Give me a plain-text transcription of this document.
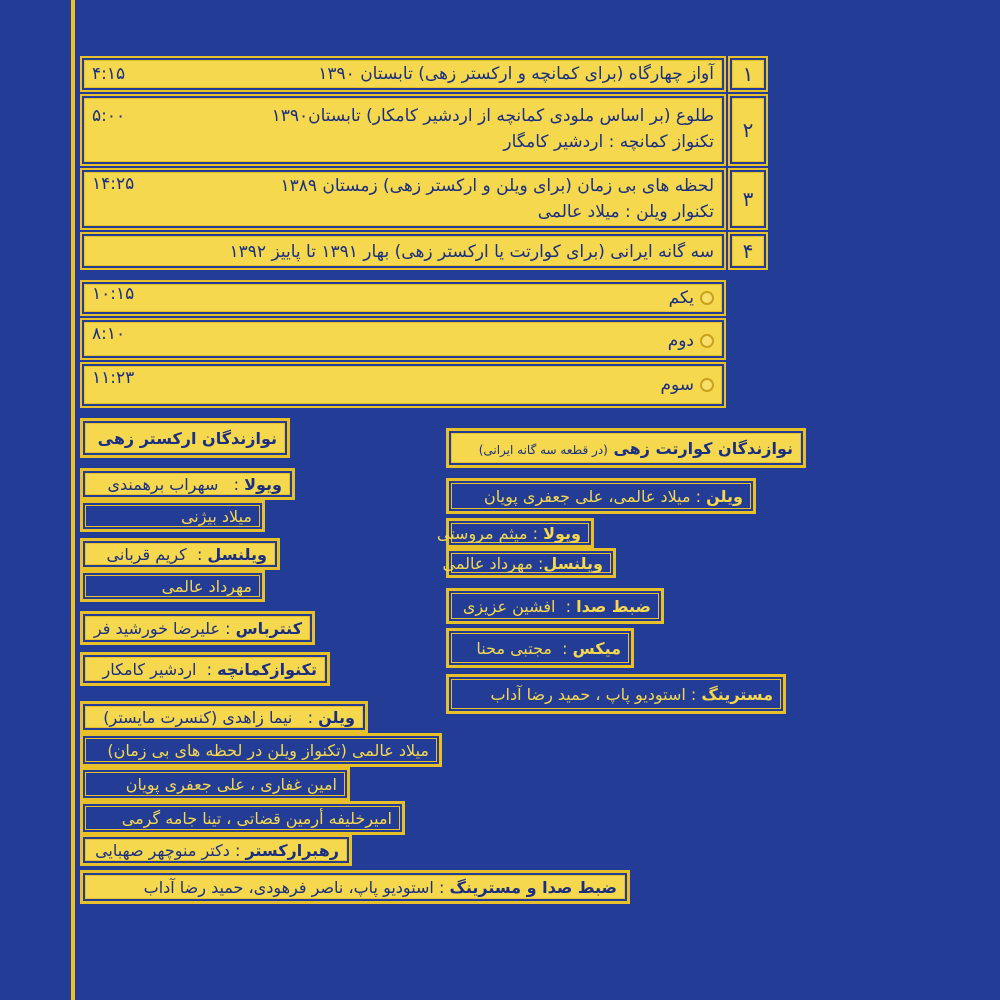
آواز چهارگاه (برای کمانچه و ارکستر زهی) تابستان ۱۳۹۰
۴:۱۵	۱
طلوع (بر اساس ملودی کمانچه از اردشیر کامکار) تابستان۱۳۹۰
تکنواز کمانچه : اردشیر کامگار
۵:۰۰
۲
لحظه های بی زمان (برای ویلن و ارکستر زهی) زمستان ۱۳۸۹
تکنوار ویلن : میلاد عالمی
۱۴:۲۵
۳
سه گانه ایرانی (برای کوارتت یا ارکستر زهی) بهار ۱۳۹۱ تا پاییز ۱۳۹۲	۴
یکم
۱۰:۱۵
دوم
۸:۱۰
سوم
۱۱:۲۳
نوازندگان ارکستر زهی
ویولا :   سهراب برهمندی
میلاد بیژنی
ویلنسل :  کریم قربانی
مهرداد عالمی
کنترباس : علیرضا خورشید فر
تکنوازکمانچه :  اردشیر کامکار
ویلن :   نیما زاهدی (کنسرت مایستر)
میلاد عالمی (تکنواز ویلن در لحظه های بی زمان)
امین غفاری ، علی جعفری پویان
امیرخلیفه أرمین قضاتی ، تینا جامه گرمی
رهبرارکستر : دکتر منوچهر صهبایی
ضبط صدا و مسترینگ : استودیو پاپ، ناصر فرهودی، حمید رضا آداب
نوازندگان کوارتت زهی (در قطعه سه گانه ایرانی)
ویلن : میلاد عالمی، علی جعفری پویان
ویولا : میثم مروستی
ویلنسل: مهرداد عالمی
ضبط صدا :  افشین عزیزی
میکس :  مجتبی محنا
مسترینگ : استودیو پاپ ، حمید رضا آداب
